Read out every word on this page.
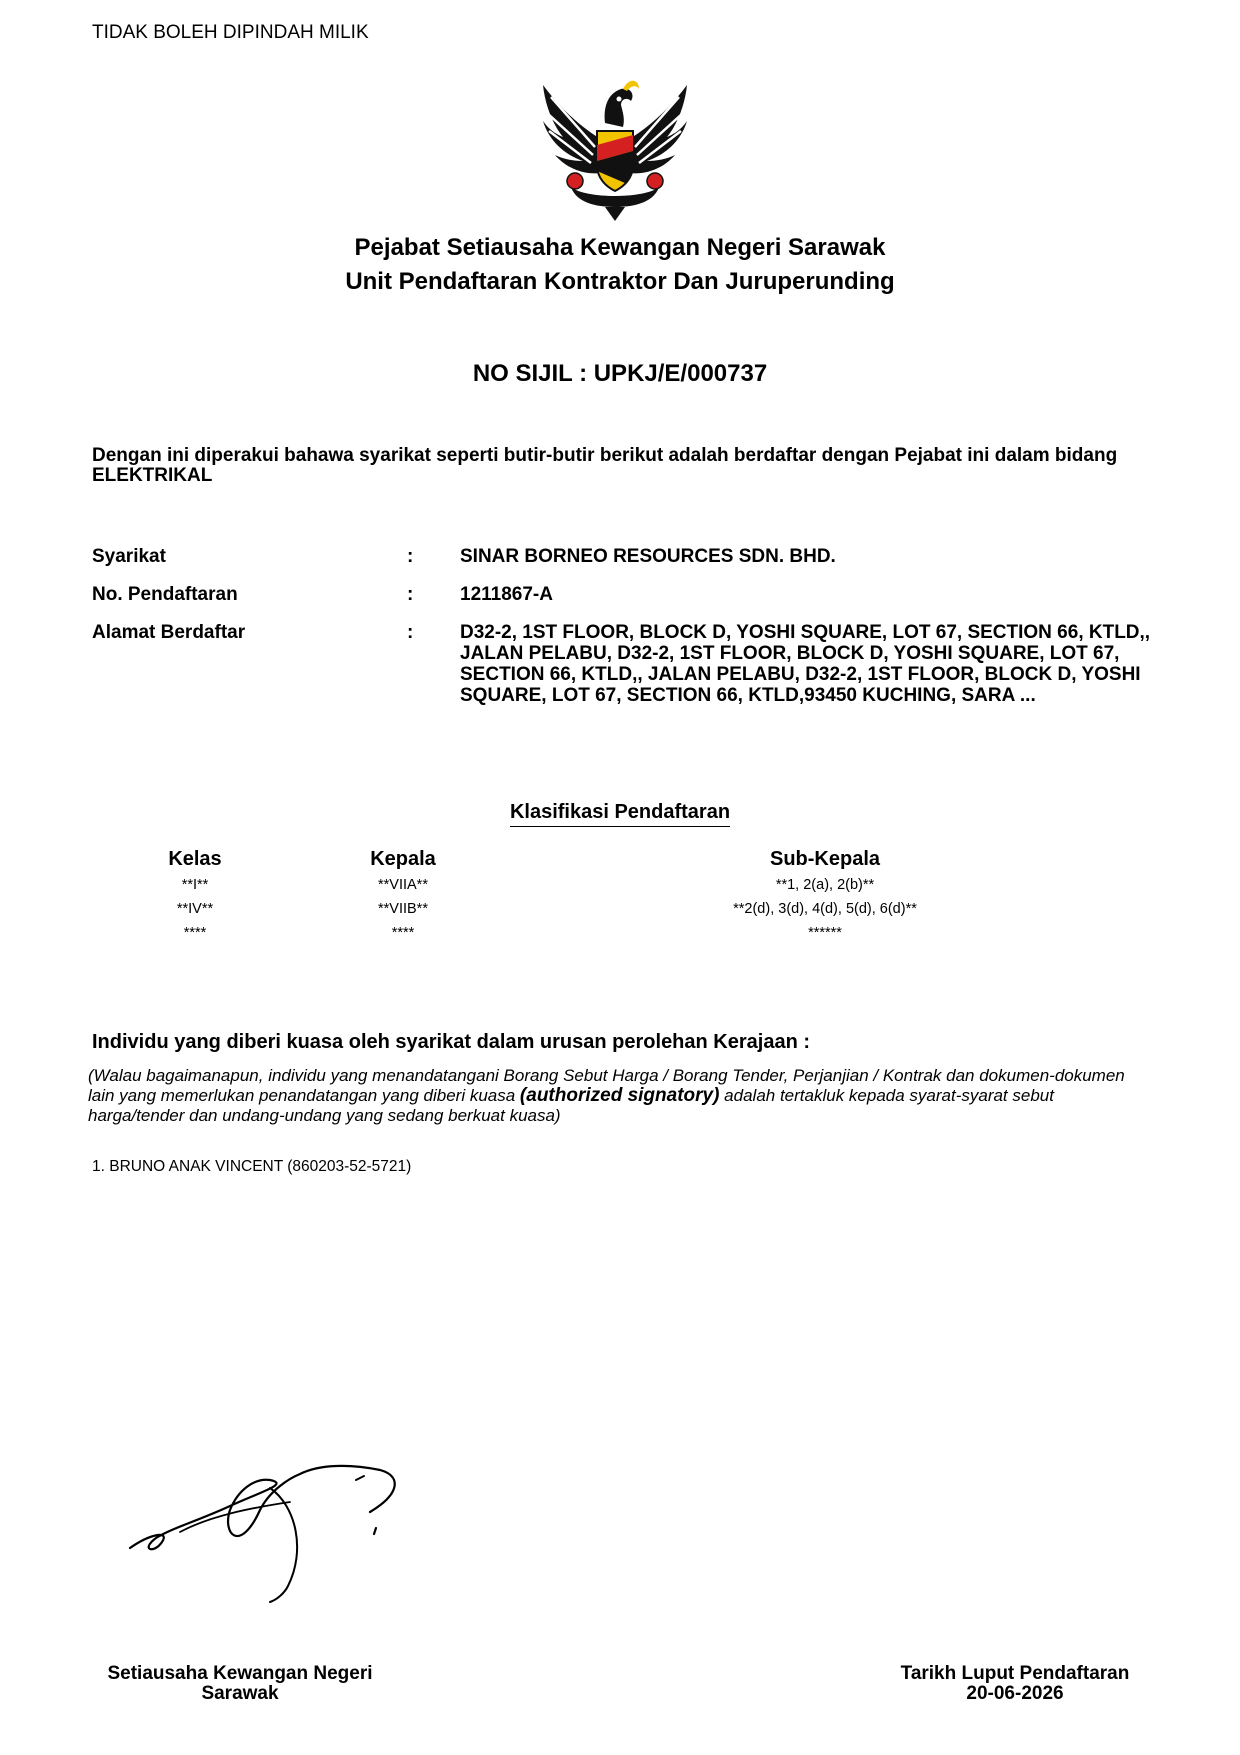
TIDAK BOLEH DIPINDAH MILIK
Pejabat Setiausaha Kewangan Negeri Sarawak
Unit Pendaftaran Kontraktor Dan Juruperunding
NO SIJIL : UPKJ/E/000737
Dengan ini diperakui bahawa syarikat seperti butir-butir berikut adalah berdaftar dengan Pejabat ini dalam bidang ELEKTRIKAL
Syarikat	: SINAR BORNEO RESOURCES SDN. BHD.
No. Pendaftaran	: 1211867-A
Alamat Berdaftar	: D32-2, 1ST FLOOR, BLOCK D, YOSHI SQUARE, LOT 67, SECTION 66, KTLD,, JALAN PELABU, D32-2, 1ST FLOOR, BLOCK D, YOSHI SQUARE, LOT 67, SECTION 66, KTLD,, JALAN PELABU, D32-2, 1ST FLOOR, BLOCK D, YOSHI SQUARE, LOT 67, SECTION 66, KTLD,93450 KUCHING, SARA ...
Klasifikasi Pendaftaran
Kelas	Kepala	Sub-Kepala
**I**	**VIIA**	**1, 2(a), 2(b)**
**IV**	**VIIB**	**2(d), 3(d), 4(d), 5(d), 6(d)**
****	****	******
Individu yang diberi kuasa oleh syarikat dalam urusan perolehan Kerajaan :
(Walau bagaimanapun, individu yang menandatangani Borang Sebut Harga / Borang Tender, Perjanjian / Kontrak dan dokumen-dokumen lain yang memerlukan penandatangan yang diberi kuasa (authorized signatory) adalah tertakluk kepada syarat-syarat sebut harga/tender dan undang-undang yang sedang berkuat kuasa)
1. BRUNO ANAK VINCENT (860203-52-5721)
Setiausaha Kewangan Negeri
Sarawak
Tarikh Luput Pendaftaran
20-06-2026
